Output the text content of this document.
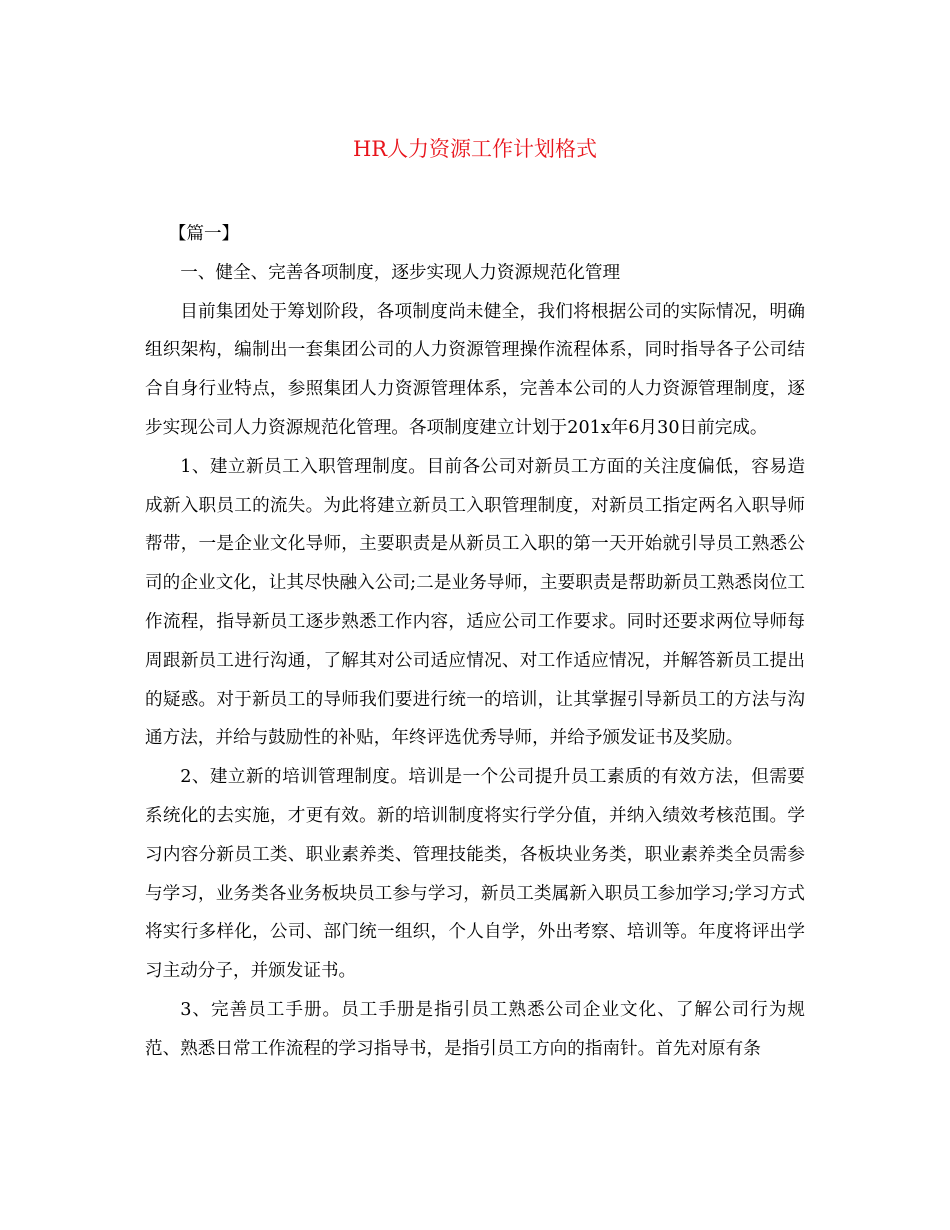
HR人力资源工作计划格式

【篇一】

一、健全、完善各项制度，逐步实现人力资源规范化管理

目前集团处于筹划阶段，各项制度尚未健全，我们将根据公司的实际情况，明确组织架构，编制出一套集团公司的人力资源管理操作流程体系，同时指导各子公司结合自身行业特点，参照集团人力资源管理体系，完善本公司的人力资源管理制度，逐步实现公司人力资源规范化管理。各项制度建立计划于201x年6月30日前完成。

1、建立新员工入职管理制度。目前各公司对新员工方面的关注度偏低，容易造成新入职员工的流失。为此将建立新员工入职管理制度，对新员工指定两名入职导师帮带，一是企业文化导师，主要职责是从新员工入职的第一天开始就引导员工熟悉公司的企业文化，让其尽快融入公司;二是业务导师，主要职责是帮助新员工熟悉岗位工作流程，指导新员工逐步熟悉工作内容，适应公司工作要求。同时还要求两位导师每周跟新员工进行沟通，了解其对公司适应情况、对工作适应情况，并解答新员工提出的疑惑。对于新员工的导师我们要进行统一的培训，让其掌握引导新员工的方法与沟通方法，并给与鼓励性的补贴，年终评选优秀导师，并给予颁发证书及奖励。

2、建立新的培训管理制度。培训是一个公司提升员工素质的有效方法，但需要系统化的去实施，才更有效。新的培训制度将实行学分值，并纳入绩效考核范围。学习内容分新员工类、职业素养类、管理技能类，各板块业务类，职业素养类全员需参与学习，业务类各业务板块员工参与学习，新员工类属新入职员工参加学习;学习方式将实行多样化，公司、部门统一组织，个人自学，外出考察、培训等。年度将评出学习主动分子，并颁发证书。

3、完善员工手册。员工手册是指引员工熟悉公司企业文化、了解公司行为规范、熟悉日常工作流程的学习指导书，是指引员工方向的指南针。首先对原有条
